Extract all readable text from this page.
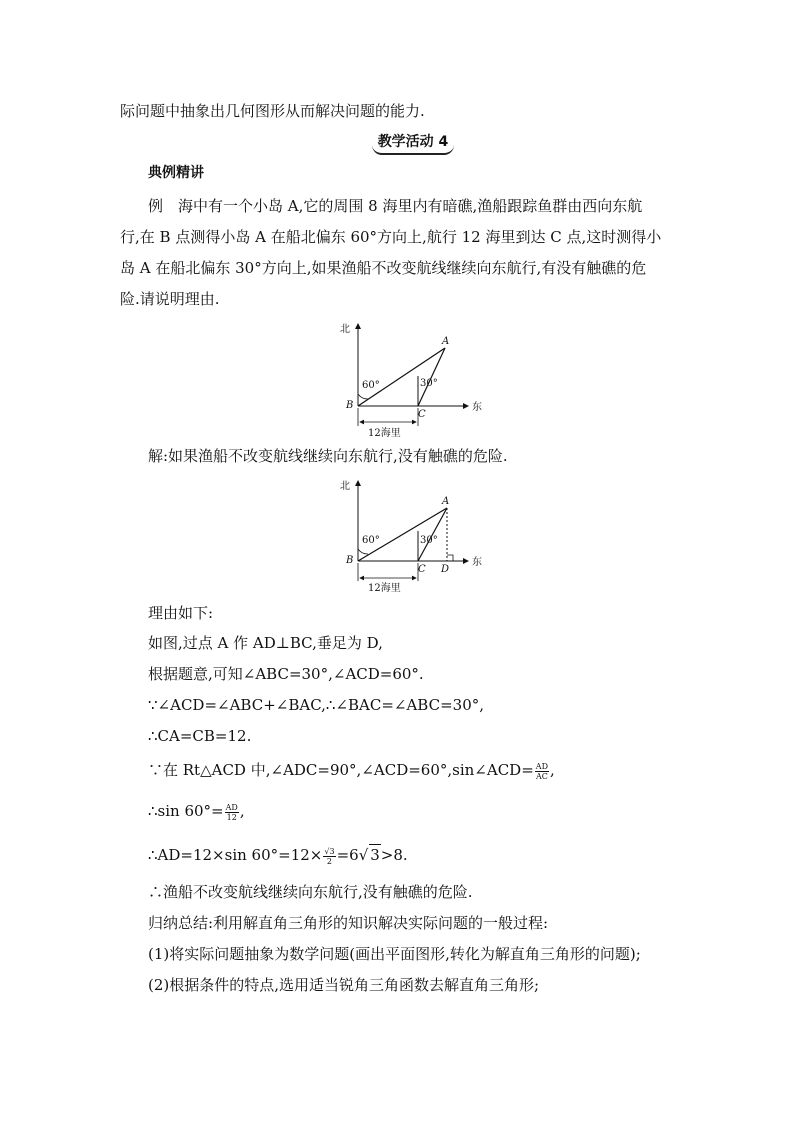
际问题中抽象出几何图形从而解决问题的能力.
教学活动 4
典例精讲
例　海中有一个小岛 A,它的周围 8 海里内有暗礁,渔船跟踪鱼群由西向东航
行,在 B 点测得小岛 A 在船北偏东 60°方向上,航行 12 海里到达 C 点,这时测得小
岛 A 在船北偏东 30°方向上,如果渔船不改变航线继续向东航行,有没有触礁的危
险.请说明理由.
北
东
A
B
C
60°	30°
12海里
解:如果渔船不改变航线继续向东航行,没有触礁的危险.
北
东
A
B
C D
60°	30°
12海里
理由如下:
如图,过点 A 作 AD⊥BC,垂足为 D,
根据题意,可知∠ABC=30°,∠ACD=60°.
∵∠ACD=∠ABC+∠BAC,∴∠BAC=∠ABC=30°,
∴CA=CB=12.
∵在 Rt△ACD 中,∠ADC=90°,∠ACD=60°,sin∠ACD= $\frac{AD}{AC}$ ,
∴sin $60^\circ= \frac{AD}{12}$ ,
∴AD=12×sin $60^\circ=12\times \frac{√3}{2} =6√$ 3>8.
∴渔船不改变航线继续向东航行,没有触礁的危险.
归纳总结:利用解直角三角形的知识解决实际问题的一般过程:
(1)将实际问题抽象为数学问题(画出平面图形,转化为解直角三角形的问题);
(2)根据条件的特点,选用适当锐角三角函数去解直角三角形;
